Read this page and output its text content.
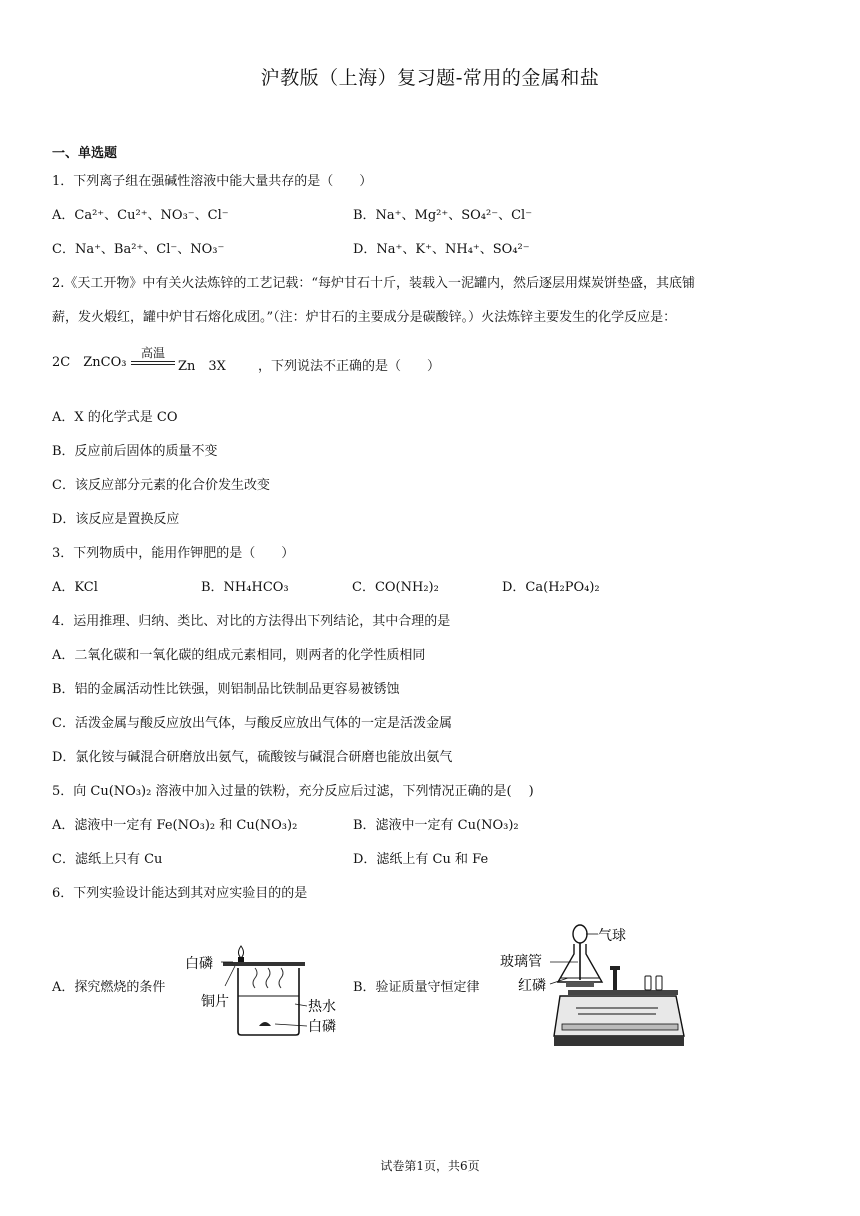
沪教版（上海）复习题-常用的金属和盐
一、单选题
1．下列离子组在强碱性溶液中能大量共存的是（　　）
A．Ca²⁺、Cu²⁺、NO₃⁻、Cl⁻	B．Na⁺、Mg²⁺、SO₄²⁻、Cl⁻
C．Na⁺、Ba²⁺、Cl⁻、NO₃⁻	D．Na⁺、K⁺、NH₄⁺、SO₄²⁻
2.《天工开物》中有关火法炼锌的工艺记载：“每炉甘石十斤，装载入一泥罐内，然后逐层用煤炭饼垫盛，其底铺
薪，发火煅红，罐中炉甘石熔化成团。”（注：炉甘石的主要成分是碳酸锌。）火法炼锌主要发生的化学反应是：
2C　ZnCO₃
高温
Zn　3X ，下列说法不正确的是（　　）
A．X 的化学式是 CO
B．反应前后固体的质量不变
C．该反应部分元素的化合价发生改变
D．该反应是置换反应
3．下列物质中，能用作钾肥的是（　　）
A．KCl	B．NH₄HCO₃	C．CO(NH₂)₂	D．Ca(H₂PO₄)₂
4．运用推理、归纳、类比、对比的方法得出下列结论，其中合理的是
A．二氧化碳和一氧化碳的组成元素相同，则两者的化学性质相同
B．铝的金属活动性比铁强，则铝制品比铁制品更容易被锈蚀
C．活泼金属与酸反应放出气体，与酸反应放出气体的一定是活泼金属
D．氯化铵与碱混合研磨放出氨气，硫酸铵与碱混合研磨也能放出氨气
5．向 Cu(NO₃)₂ 溶液中加入过量的铁粉，充分反应后过滤，下列情况正确的是(　 )
A．滤液中一定有 Fe(NO₃)₂ 和 Cu(NO₃)₂	B．滤液中一定有 Cu(NO₃)₂
C．滤纸上只有 Cu	D．滤纸上有 Cu 和 Fe
6．下列实验设计能达到其对应实验目的的是
A．探究燃烧的条件	B．验证质量守恒定律
白磷
铜片	热水
白磷
气球
玻璃管
红磷
试卷第1页，共6页
